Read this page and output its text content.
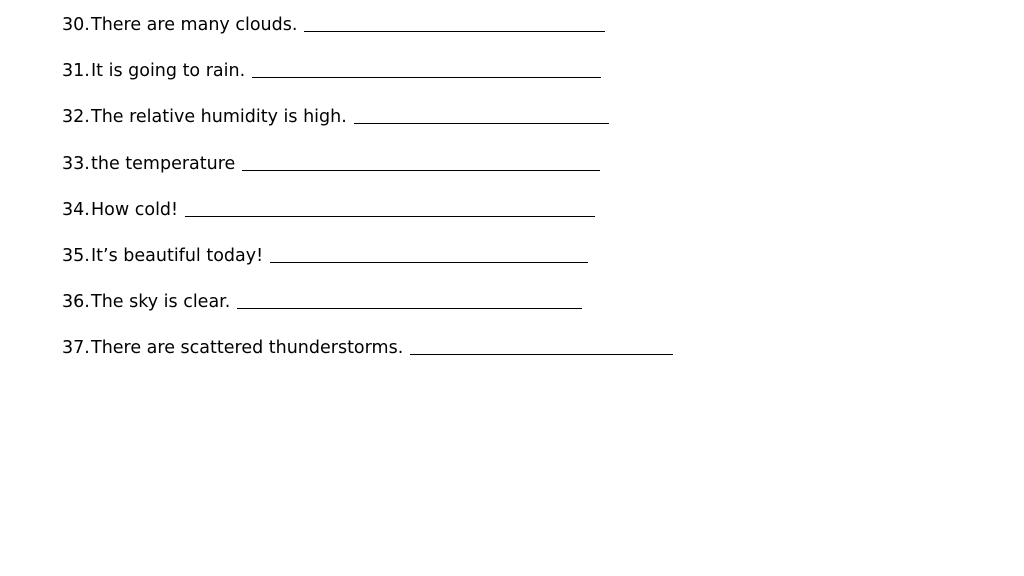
30. There are many clouds.
31. It is going to rain.
32. The relative humidity is high.
33. the temperature
34. How cold!
35. It’s beautiful today!
36. The sky is clear.
37. There are scattered thunderstorms.
